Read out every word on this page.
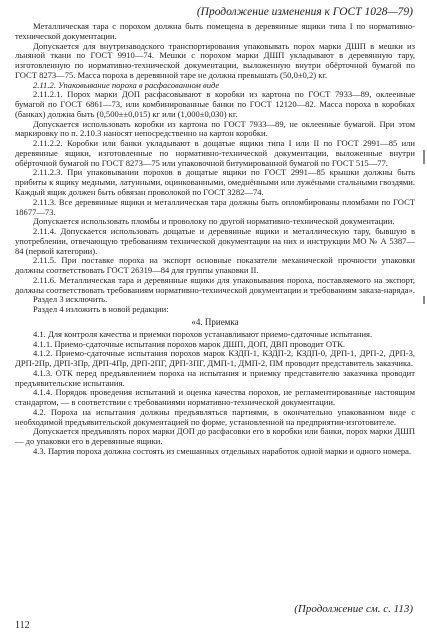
(Продолжение изменения к ГОСТ 1028—79)

Металлическая тара с порохом должна быть помещена в деревянные ящики типа I по нормативно-технической документации.

Допускается для внутризаводского транспортирования упаковывать порох марки ДШП в мешки из льняной ткани по ГОСТ 9910—74. Мешки с порохом марки ДШП укладывают в деревянную тару, изготовленную по нормативно-технической документации, выложенную внутри обёрточной бумагой по ГОСТ 8273—75. Масса пороха в деревянной таре не должна превышать (50,0±0,2) кг.

2.11.2. Упаковывание пороха в расфасованном виде

2.11.2.1. Порох марки ДОП расфасовывают в коробки из картона по ГОСТ 7933—89, оклеенные бумагой по ГОСТ 6861—73, или комбинированные банки по ГОСТ 12120—82. Масса пороха в коробках (банках) должна быть (0,500±±0,015) кг или (1,000±0,030) кг.

Допускается использовать коробки из картона по ГОСТ 7933—89, не оклеенные бумагой. При этом маркировку по п. 2.10.3 наносят непосредственно на картон коробки.

2.11.2.2. Коробки или банки укладывают в дощатые ящики типа I или II по ГОСТ 2991—85 или деревянные ящики, изготовленные по нормативно-технической документации, выложенные внутри обёрточной бумагой по ГОСТ 8273—75 или упаковочной битумированной бумагой по ГОСТ 515—77.

2.11.2.3. При упаковывании порохов в дощатые ящики по ГОСТ 2991—85 крышки должны быть прибиты к ящику медными, латунными, оцинкованными, омеднёнными или лужёными стальными гвоздями. Каждый ящик должен быть обвязан проволокой по ГОСТ 3282—74.

2.11.3. Все деревянные ящики и металлическая тара должны быть опломбированы пломбами по ГОСТ 18677—73.

Допускается использовать пломбы и проволоку по другой нормативно-технической документации.

2.11.4. Допускается использовать дощатые и деревянные ящики и металлическую тару, бывшую в употреблении, отвечающую требованиям технической документации на них и инструкции МО № А 5387—84 (первой категории).

2.11.5. При поставке пороха на экспорт основные показатели механической прочности упаковки должны соответствовать ГОСТ 26319—84 для группы упаковки II.

2.11.6. Металлическая тара и деревянные ящики для упаковывания пороха, поставляемого на экспорт, должны соответствовать требованиям нормативно-технической документации и требованиям заказа-наряда».

Раздел 3 исключить.

Раздел 4 изложить в новой редакции:

«4. Приемка

4.1. Для контроля качества и приемки порохов устанавливают приемо-сдаточные испытания.

4.1.1. Приемо-сдаточные испытания порохов марок ДШП, ДОП, ДВП проводит ОТК.

4.1.2. Приемо-сдаточные испытания порохов марок КЗДП-1, КЗДП-2, КЗДП-0, ДРП-1, ДРП-2, ДРП-3, ДРП-2Пр, ДРП-3Пр, ДРП-4Пр, ДРП-2ПГ, ДРП-3ПГ, ДМП-1, ДМП-2, ПМ проводит представитель заказчика.

4.1.3. ОТК перед предъявлением пороха на испытания и приемку представителю заказчика проводит предъявительские испытания.

4.1.4. Порядок проведения испытаний и оценка качества порохов, не регламентированные настоящим стандартом, — в соответствии с требованиями нормативно-технической документации.

4.2. Пороха на испытания должны предъявляться партиями, в окончательно упакованном виде с необходимой предъявительской документацией по форме, установленной на предприятии-изготовителе.

Допускается предъявлять порох марки ДОП до расфасовки его в коробки или банки, порох марки ДШП — до упаковки его в деревянные ящики.

4.3. Партия пороха должна состоять из смешанных отдельных наработок одной марки и одного номера.

(Продолжение см. с. 113)
112
